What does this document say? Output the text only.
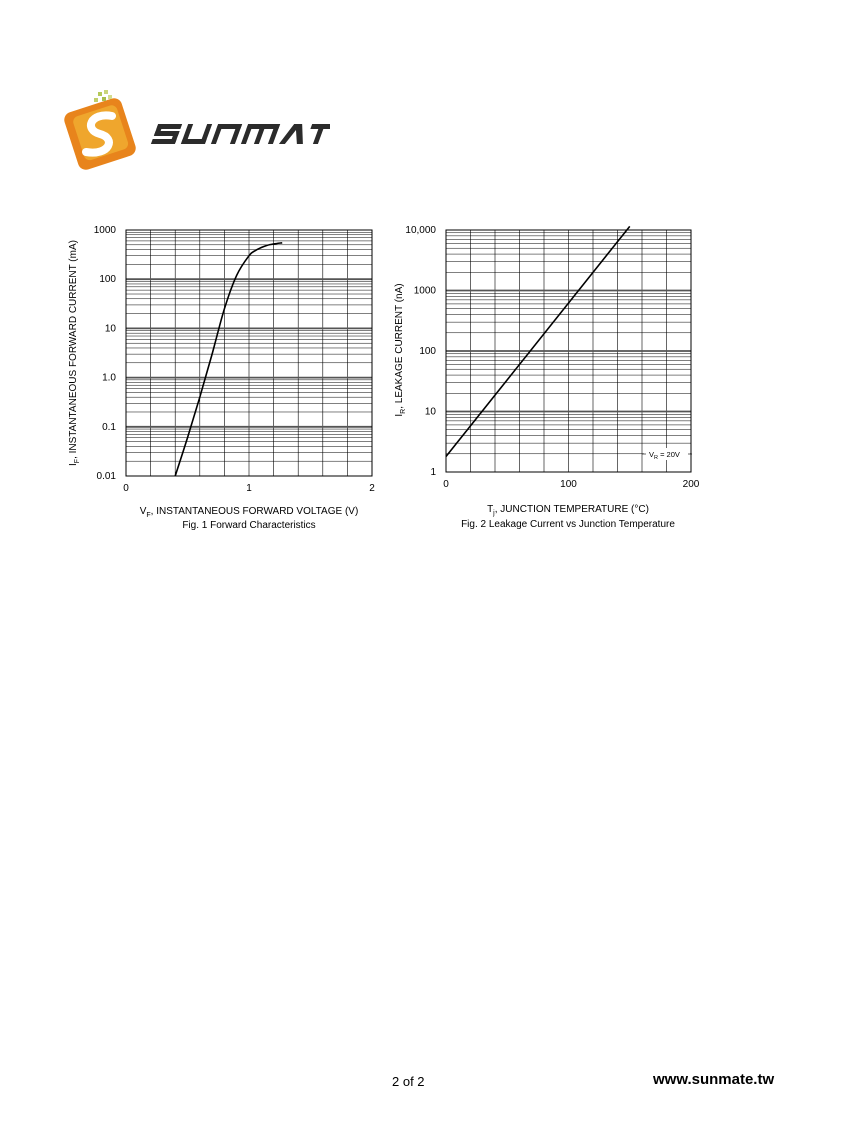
0.01
0.1
1.0
10
100
1000
0	1	2
$I_F$, INSTANTANEOUS FORWARD CURRENT (mA)
$V_F$, INSTANTANEOUS FORWARD VOLTAGE (V)
Fig. 1 Forward Characteristics
$V_R = 20V$
1
10
100
1000
10,000
0	100	200
$I_R$, LEAKAGE CURRENT (nA)
$T_j$, JUNCTION TEMPERATURE (°C)
Fig. 2 Leakage Current vs Junction Temperature
2 of 2	www.sunmate.tw
